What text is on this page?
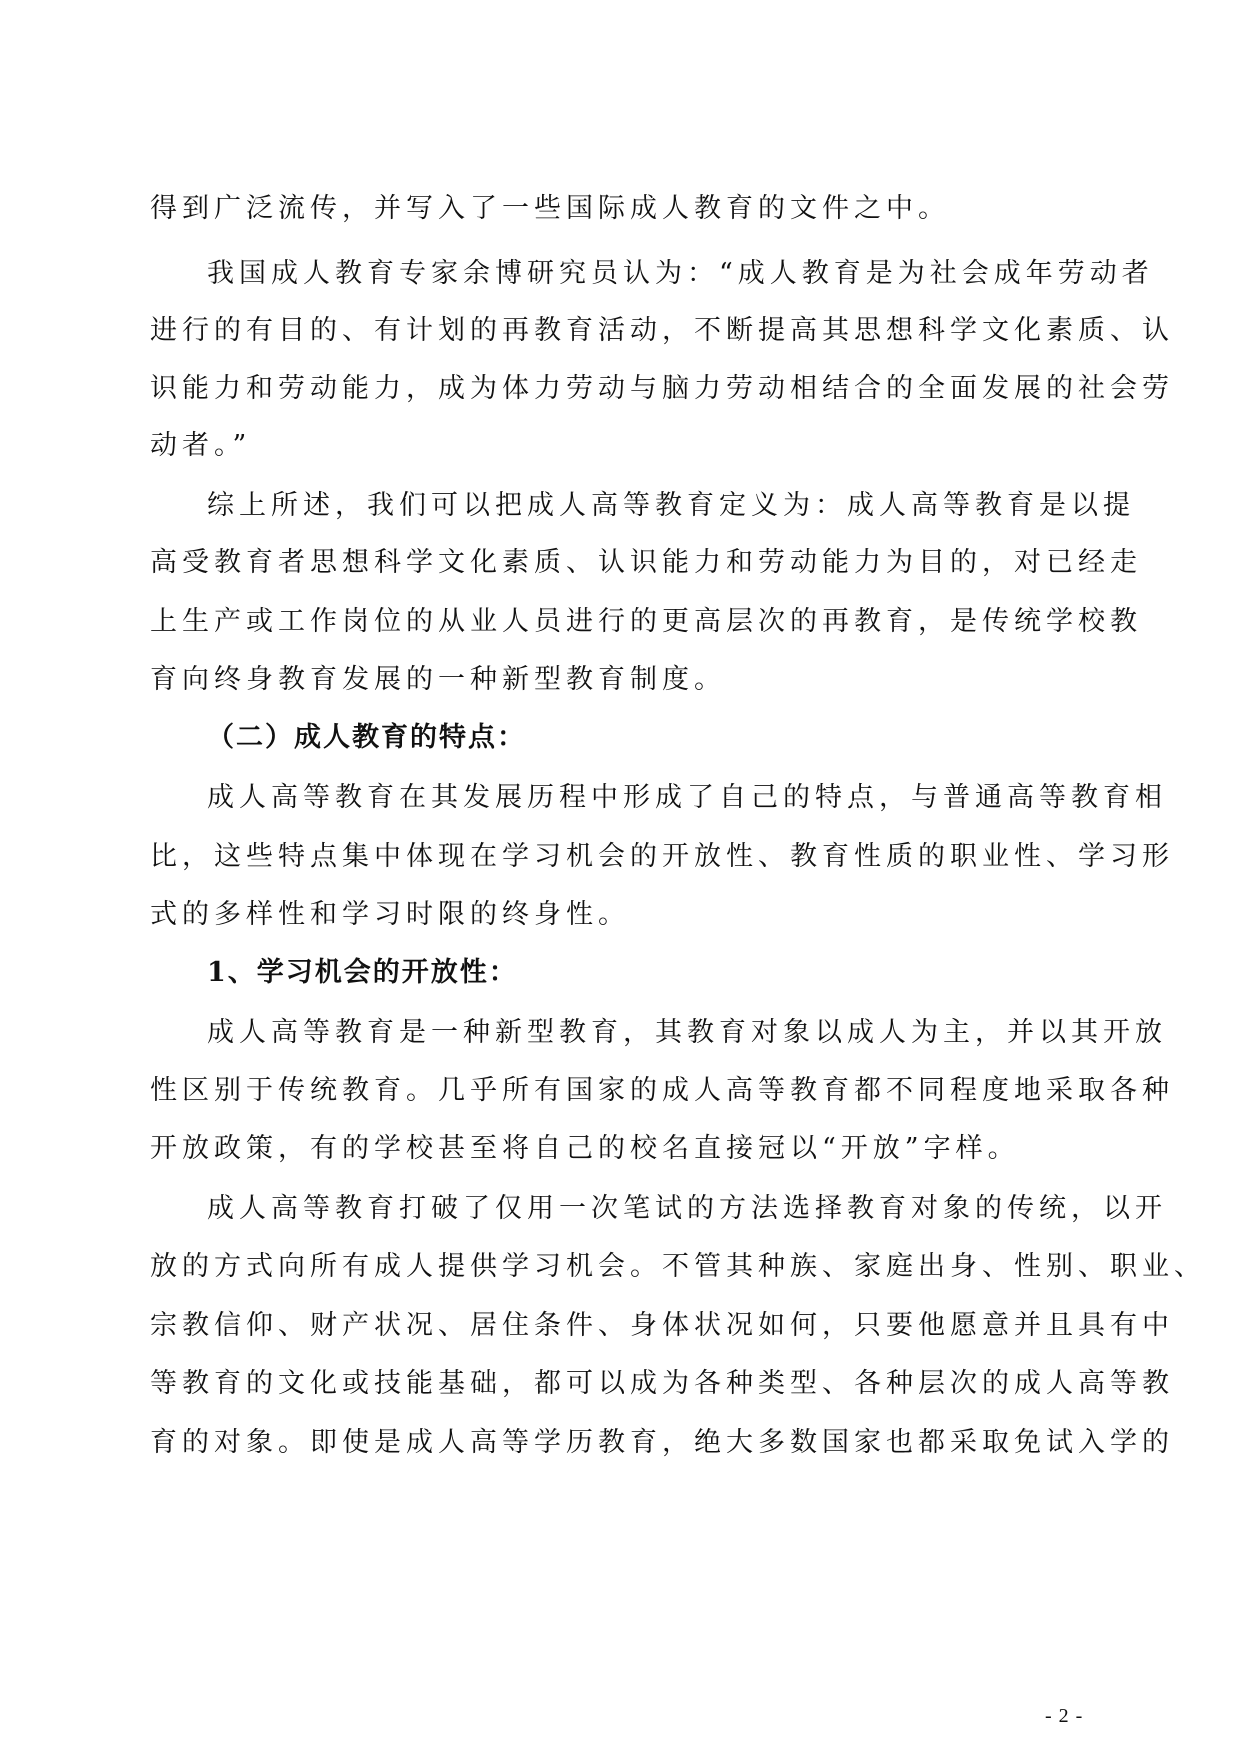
得到广泛流传，并写入了一些国际成人教育的文件之中。
我国成人教育专家余博研究员认为：“成人教育是为社会成年劳动者
进行的有目的、有计划的再教育活动，不断提高其思想科学文化素质、认
识能力和劳动能力，成为体力劳动与脑力劳动相结合的全面发展的社会劳
动者。”
综上所述，我们可以把成人高等教育定义为：成人高等教育是以提
高受教育者思想科学文化素质、认识能力和劳动能力为目的，对已经走
上生产或工作岗位的从业人员进行的更高层次的再教育，是传统学校教
育向终身教育发展的一种新型教育制度。
（二）成人教育的特点：
成人高等教育在其发展历程中形成了自己的特点，与普通高等教育相
比，这些特点集中体现在学习机会的开放性、教育性质的职业性、学习形
式的多样性和学习时限的终身性。
1、学习机会的开放性：
成人高等教育是一种新型教育，其教育对象以成人为主，并以其开放
性区别于传统教育。几乎所有国家的成人高等教育都不同程度地采取各种
开放政策，有的学校甚至将自己的校名直接冠以“开放”字样。
成人高等教育打破了仅用一次笔试的方法选择教育对象的传统，以开
放的方式向所有成人提供学习机会。不管其种族、家庭出身、性别、职业、
宗教信仰、财产状况、居住条件、身体状况如何，只要他愿意并且具有中
等教育的文化或技能基础，都可以成为各种类型、各种层次的成人高等教
育的对象。即使是成人高等学历教育，绝大多数国家也都采取免试入学的
- 2 -
